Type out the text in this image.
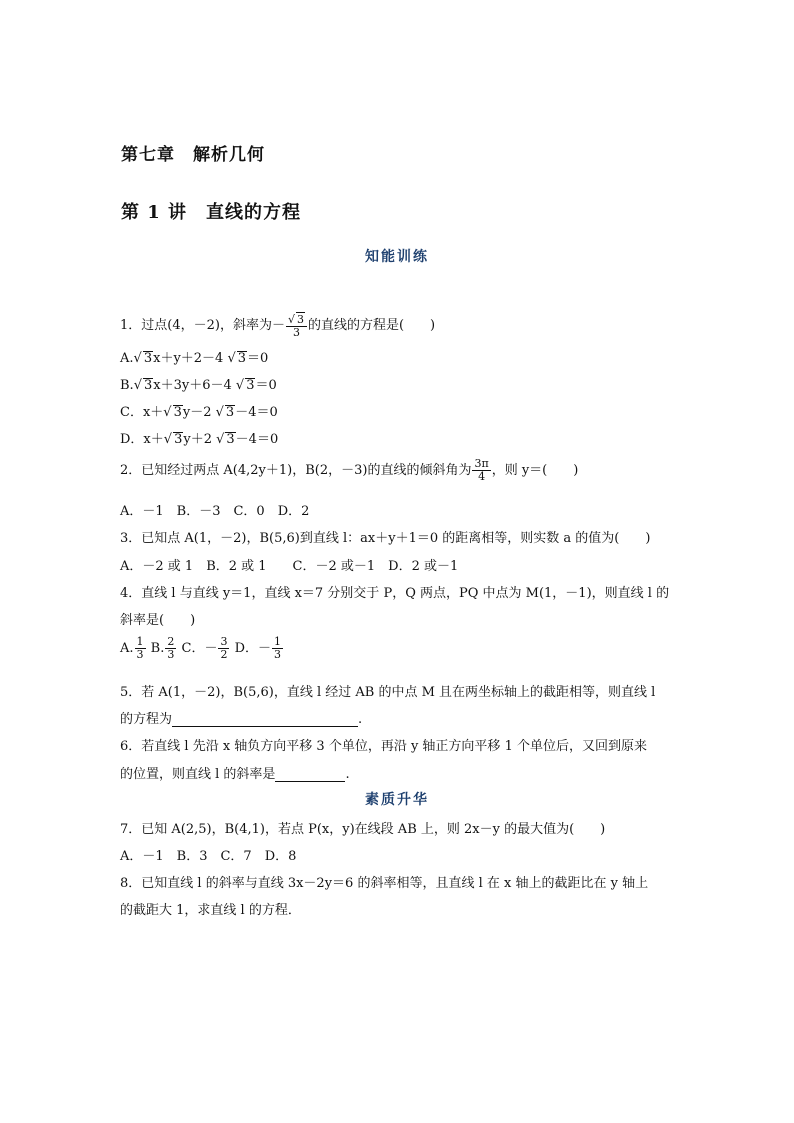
第七章　解析几何
第 1 讲　直线的方程
知能训练
1．过点(4，－2)，斜率为－ $\frac{√ 3}{3}$ 的直线的方程是(　　)
A.√ 3x＋y＋2－4 √ 3＝0
B.√ 3x＋3y＋6－4 √ 3＝0
C．x＋√ 3y－2 √ 3－4＝0
D．x＋√ 3y＋2 √ 3－4＝0
2．已知经过两点 A(4,2y＋1)，B(2，－3)的直线的倾斜角为 $\frac{3\pi}{4}$ ，则 y＝(　　)
A．－1　B．－3　C．0　D．2
3．已知点 A(1，－2)，B(5,6)到直线 l：ax＋y＋1＝0 的距离相等，则实数 a 的值为(　　)
A．－2 或 1　B．2 或 1　　C．－2 或－1　D．2 或－1
4．直线 l 与直线 y＝1，直线 x＝7 分别交于 P，Q 两点，PQ 中点为 M(1，－1)，则直线 l 的
斜率是(　　)
A. $\frac{1}{3} B$. $\frac{2}{3}$ C．－ $\frac{3}{2}$ D．－ $\frac{1}{3}$
5．若 A(1，－2)，B(5,6)，直线 l 经过 AB 的中点 M 且在两坐标轴上的截距相等，则直线 l
的方程为	.
6．若直线 l 先沿 x 轴负方向平移 3 个单位，再沿 y 轴正方向平移 1 个单位后，又回到原来
的位置，则直线 l 的斜率是	.
素质升华
7．已知 A(2,5)，B(4,1)，若点 P(x，y)在线段 AB 上，则 2x－y 的最大值为(　　)
A．－1　B．3　C．7　D．8
8．已知直线 l 的斜率与直线 3x－2y＝6 的斜率相等，且直线 l 在 x 轴上的截距比在 y 轴上
的截距大 1，求直线 l 的方程．
